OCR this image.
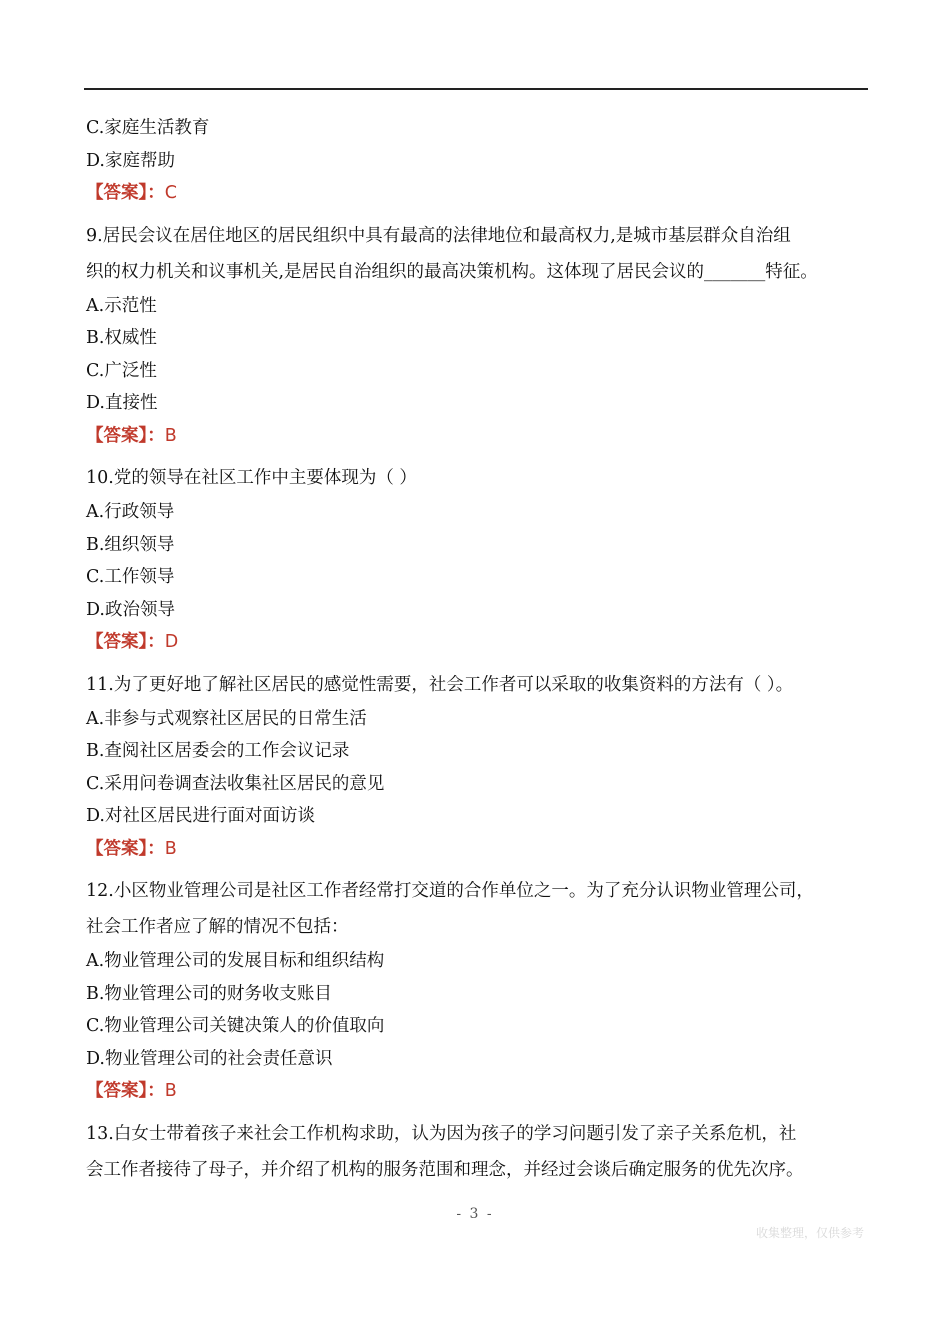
C.家庭生活教育
D.家庭帮助
【答案】：C
9.居民会议在居住地区的居民组织中具有最高的法律地位和最高权力,是城市基层群众自治组
织的权力机关和议事机关,是居民自治组织的最高决策机构。这体现了居民会议的_______特征。
A.示范性
B.权威性
C.广泛性
D.直接性
【答案】：B
10.党的领导在社区工作中主要体现为（ ）
A.行政领导
B.组织领导
C.工作领导
D.政治领导
【答案】：D
11.为了更好地了解社区居民的感觉性需要，社会工作者可以采取的收集资料的方法有（ ）。
A.非参与式观察社区居民的日常生活
B.查阅社区居委会的工作会议记录
C.采用问卷调查法收集社区居民的意见
D.对社区居民进行面对面访谈
【答案】：B
12.小区物业管理公司是社区工作者经常打交道的合作单位之一。为了充分认识物业管理公司，
社会工作者应了解的情况不包括：
A.物业管理公司的发展目标和组织结构
B.物业管理公司的财务收支账目
C.物业管理公司关键决策人的价值取向
D.物业管理公司的社会责任意识
【答案】：B
13.白女士带着孩子来社会工作机构求助，认为因为孩子的学习问题引发了亲子关系危机，社
会工作者接待了母子，并介绍了机构的服务范围和理念，并经过会谈后确定服务的优先次序。
- 3 -
收集整理，仅供参考
